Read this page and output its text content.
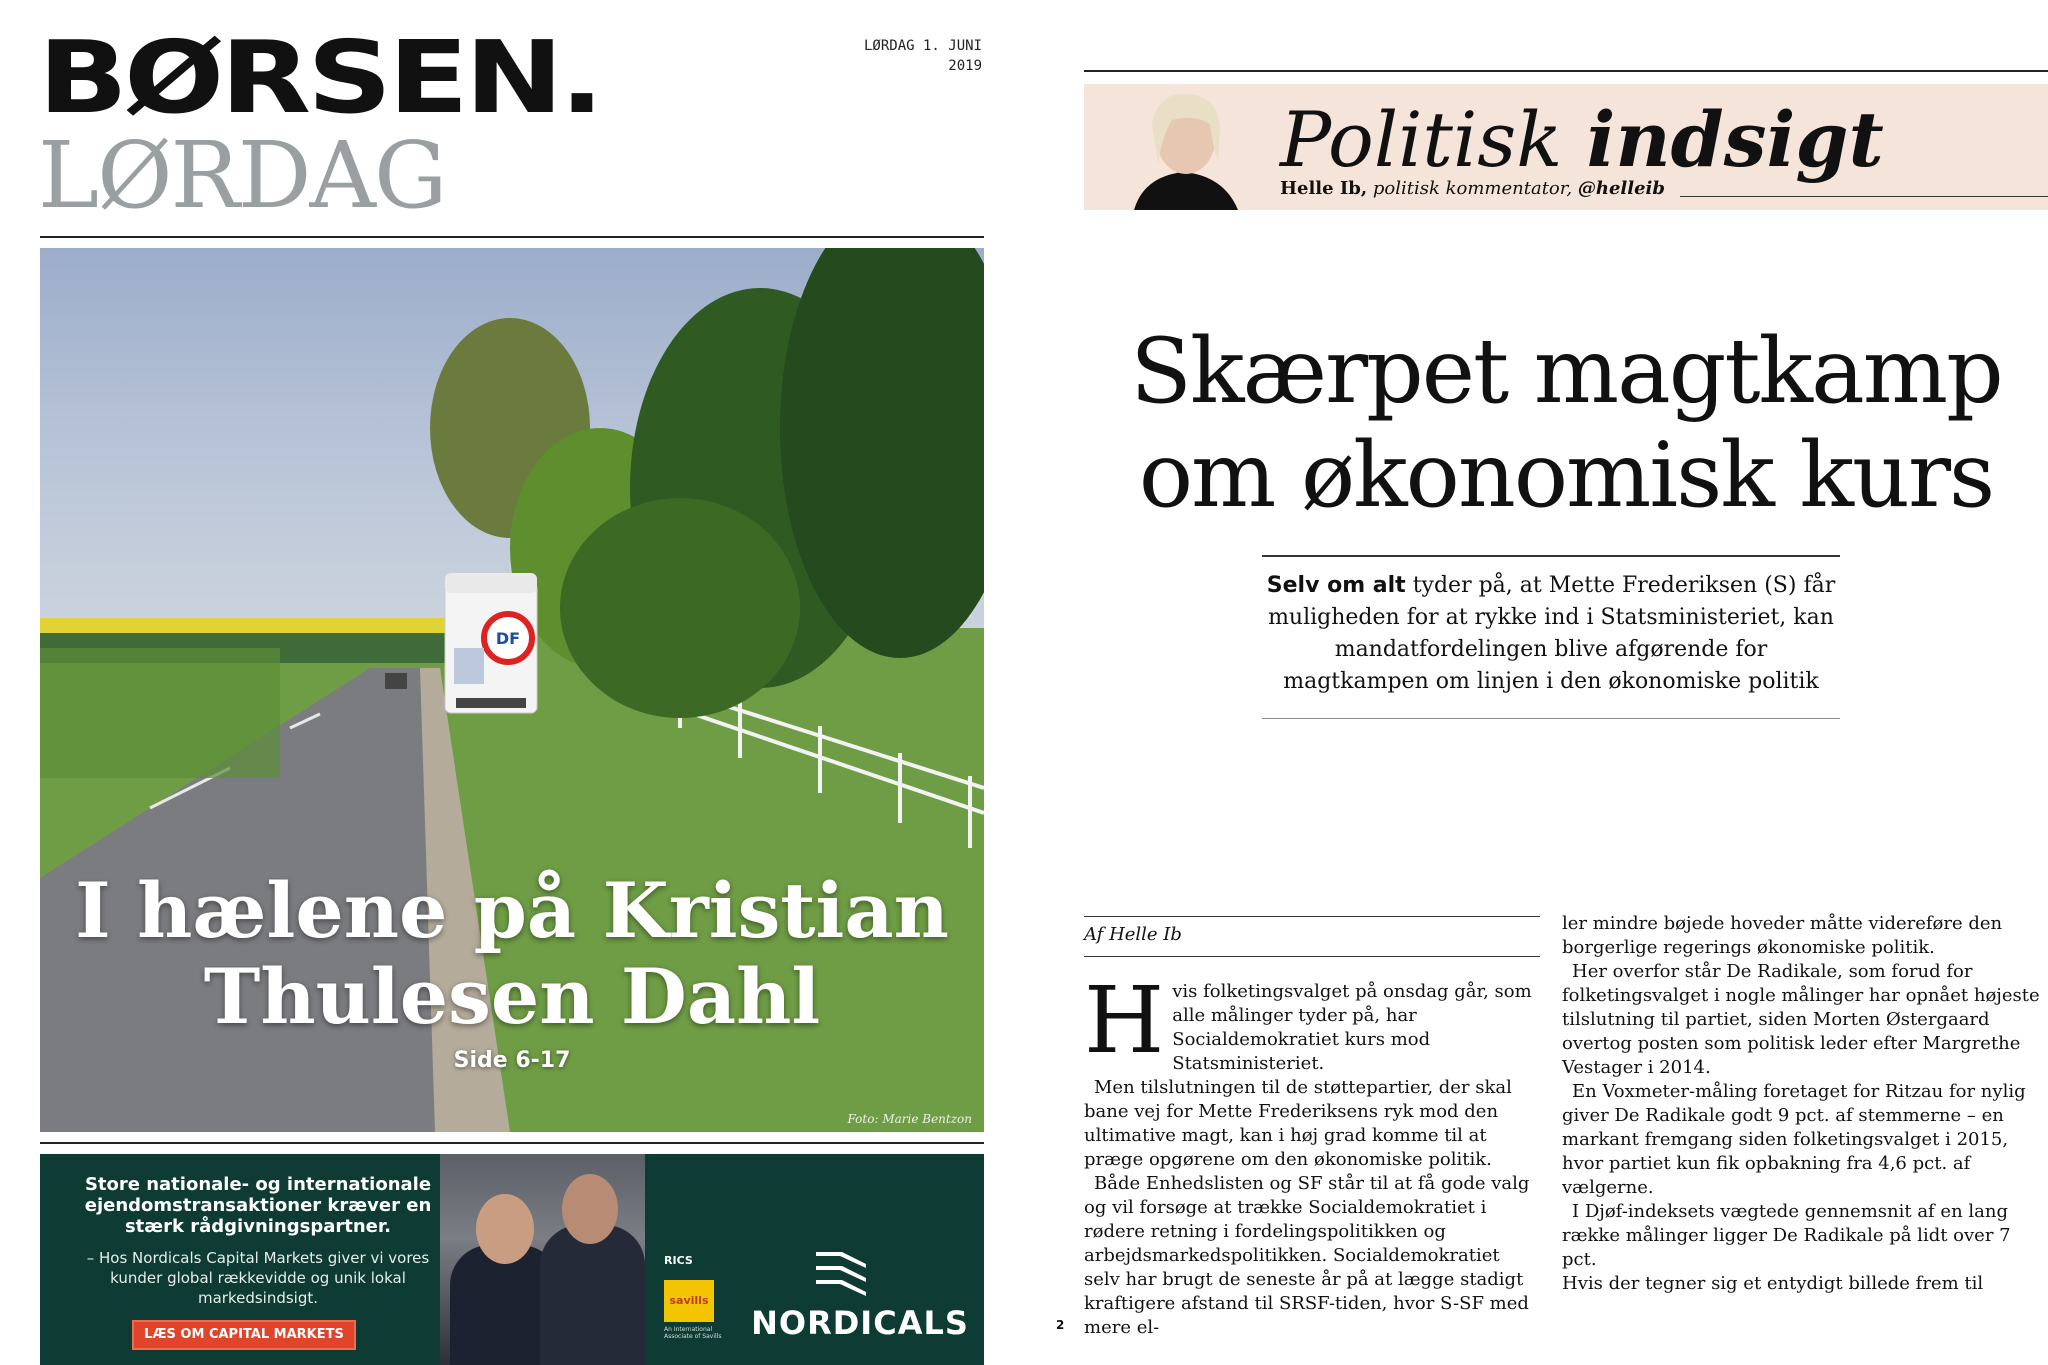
BØRSEN.
LØRDAG
LØRDAG 1. JUNI
2019
DF
I hælene på Kristian
Thulesen Dahl
Side 6-17
Foto: Marie Bentzon
Store nationale- og internationale ejendomstransaktioner kræver en stærk rådgivningspartner.
– Hos Nordicals Capital Markets giver vi vores kunder global rækkevidde og unik lokal markedsindsigt.
LÆS OM CAPITAL MARKETS
RICS
savills
An International Associate of Savills NORDICALS
Politisk indsigt
Helle Ib, politisk kommentator, @helleib
Skærpet magtkamp
om økonomisk kurs
Selv om alt tyder på, at Mette Frederiksen (S) får muligheden for at rykke ind i Statsministeriet, kan mandatfordelingen blive afgørende for magtkampen om linjen i den økonomiske politik
Af Helle Ib
H vis folketingsvalget på onsdag går, som alle målinger tyder på, har Socialdemokratiet kurs mod Statsministeriet.

Men tilslutningen til de støttepartier, der skal bane vej for Mette Frederiksens ryk mod den ultimative magt, kan i høj grad komme til at præge opgørene om den økonomiske politik.

Både Enhedslisten og SF står til at få gode valg og vil forsøge at trække Socialdemokratiet i rødere retning i fordelingspolitikken og arbejdsmarkedspolitikken. Socialdemokratiet selv har brugt de seneste år på at lægge stadigt kraftigere afstand til SRSF-tiden, hvor S-SF med mere el-

ler mindre bøjede hoveder måtte videreføre den borgerlige regerings økonomiske politik.

Her overfor står De Radikale, som forud for folketingsvalget i nogle målinger har opnået højeste tilslutning til partiet, siden Morten Østergaard overtog posten som politisk leder efter Margrethe Vestager i 2014.

En Voxmeter-måling foretaget for Ritzau for nylig giver De Radikale godt 9 pct. af stemmerne – en markant fremgang siden folketingsvalget i 2015, hvor partiet kun fik opbakning fra 4,6 pct. af vælgerne.

I Djøf-indeksets vægtede gennemsnit af en lang række målinger ligger De Radikale på lidt over 7 pct.

Hvis der tegner sig et entydigt billede frem til

2
